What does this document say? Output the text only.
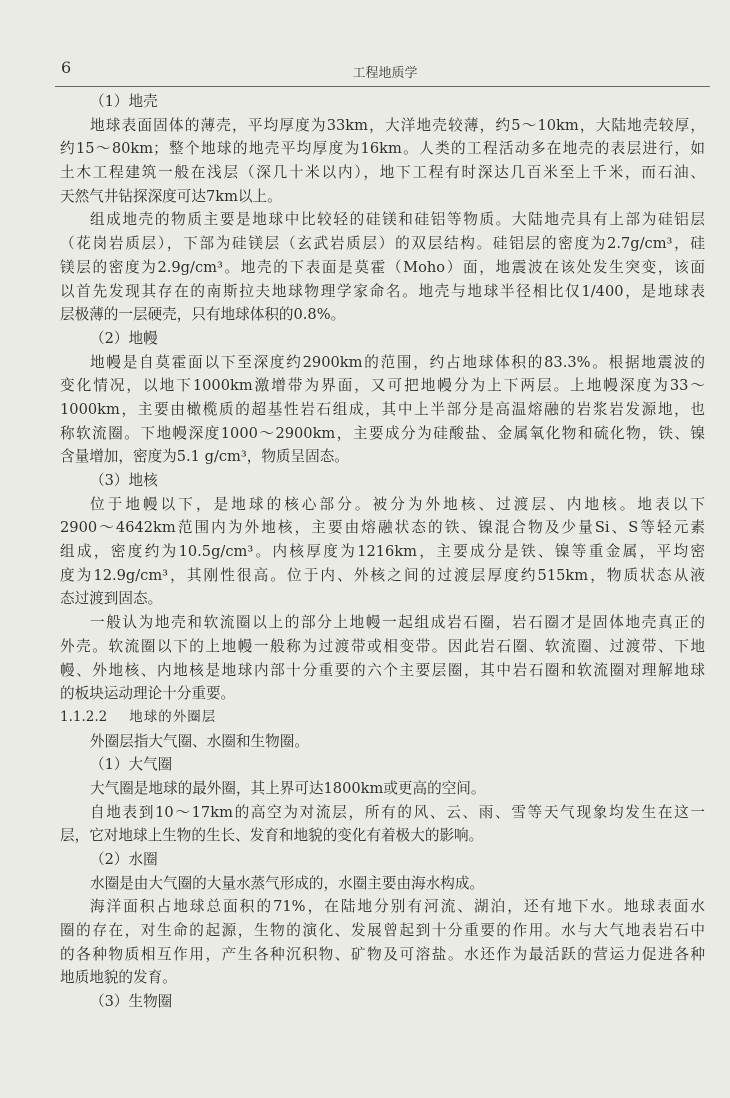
6	工程地质学
（1）地壳
地球表面固体的薄壳，平均厚度为33km，大洋地壳较薄，约5～10km，大陆地壳较厚，
约15～80km；整个地球的地壳平均厚度为16km。人类的工程活动多在地壳的表层进行，如
土木工程建筑一般在浅层（深几十米以内），地下工程有时深达几百米至上千米，而石油、
天然气井钻探深度可达7km以上。
组成地壳的物质主要是地球中比较轻的硅镁和硅铝等物质。大陆地壳具有上部为硅铝层
（花岗岩质层），下部为硅镁层（玄武岩质层）的双层结构。硅铝层的密度为2.7g/cm³，硅
镁层的密度为2.9g/cm³。地壳的下表面是莫霍（Moho）面，地震波在该处发生突变，该面
以首先发现其存在的南斯拉夫地球物理学家命名。地壳与地球半径相比仅1/400，是地球表
层极薄的一层硬壳，只有地球体积的0.8%。
（2）地幔
地幔是自莫霍面以下至深度约2900km的范围，约占地球体积的83.3%。根据地震波的
变化情况，以地下1000km激增带为界面，又可把地幔分为上下两层。上地幔深度为33～
1000km，主要由橄榄质的超基性岩石组成，其中上半部分是高温熔融的岩浆岩发源地，也
称软流圈。下地幔深度1000～2900km，主要成分为硅酸盐、金属氧化物和硫化物，铁、镍
含量增加，密度为5.1 g/cm³，物质呈固态。
（3）地核
位于地幔以下，是地球的核心部分。被分为外地核、过渡层、内地核。地表以下
2900～4642km范围内为外地核，主要由熔融状态的铁、镍混合物及少量Si、S等轻元素
组成，密度约为10.5g/cm³。内核厚度为1216km，主要成分是铁、镍等重金属，平均密
度为12.9g/cm³，其刚性很高。位于内、外核之间的过渡层厚度约515km，物质状态从液
态过渡到固态。
一般认为地壳和软流圈以上的部分上地幔一起组成岩石圈，岩石圈才是固体地壳真正的
外壳。软流圈以下的上地幔一般称为过渡带或相变带。因此岩石圈、软流圈、过渡带、下地
幔、外地核、内地核是地球内部十分重要的六个主要层圈，其中岩石圈和软流圈对理解地球
的板块运动理论十分重要。
1.1.2.2 地球的外圈层
外圈层指大气圈、水圈和生物圈。
（1）大气圈
大气圈是地球的最外圈，其上界可达1800km或更高的空间。
自地表到10～17km的高空为对流层，所有的风、云、雨、雪等天气现象均发生在这一
层，它对地球上生物的生长、发育和地貌的变化有着极大的影响。
（2）水圈
水圈是由大气圈的大量水蒸气形成的，水圈主要由海水构成。
海洋面积占地球总面积的71%，在陆地分别有河流、湖泊，还有地下水。地球表面水
圈的存在，对生命的起源，生物的演化、发展曾起到十分重要的作用。水与大气地表岩石中
的各种物质相互作用，产生各种沉积物、矿物及可溶盐。水还作为最活跃的营运力促进各种
地质地貌的发育。
（3）生物圈
